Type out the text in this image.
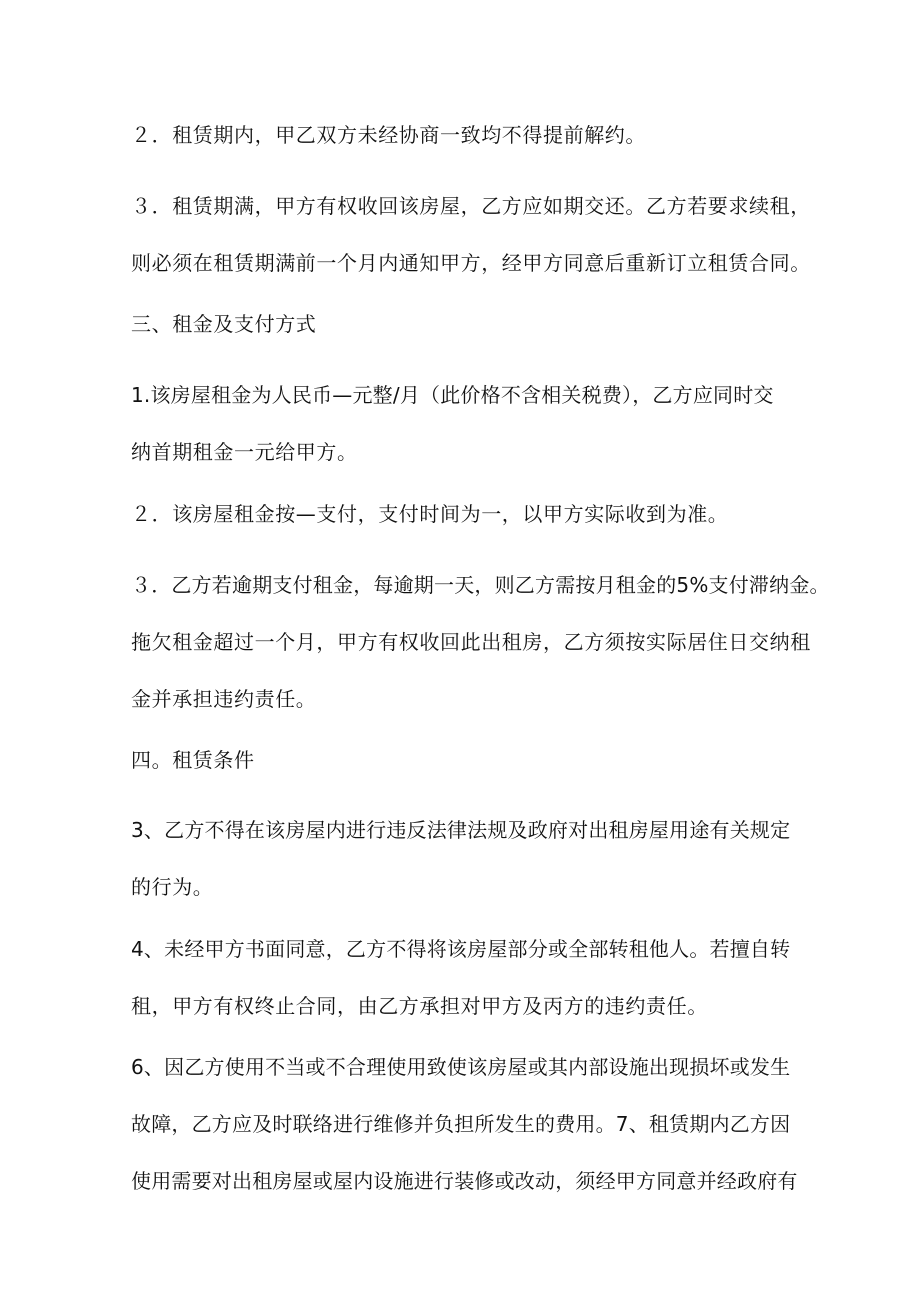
２．租赁期内，甲乙双方未经协商一致均不得提前解约。
３．租赁期满，甲方有权收回该房屋，乙方应如期交还。乙方若要求续租，
则必须在租赁期满前一个月内通知甲方，经甲方同意后重新订立租赁合同。
三、租金及支付方式
1.该房屋租金为人民币—元整/月（此价格不含相关税费），乙方应同时交
纳首期租金一元给甲方。
２．该房屋租金按—支付，支付时间为一，以甲方实际收到为准。
３．乙方若逾期支付租金，每逾期一天，则乙方需按月租金的5%支付滞纳金。
拖欠租金超过一个月，甲方有权收回此出租房，乙方须按实际居住日交纳租
金并承担违约责任。
四。租赁条件
3、乙方不得在该房屋内进行违反法律法规及政府对出租房屋用途有关规定
的行为。
4、未经甲方书面同意，乙方不得将该房屋部分或全部转租他人。若擅自转
租，甲方有权终止合同，由乙方承担对甲方及丙方的违约责任。
6、因乙方使用不当或不合理使用致使该房屋或其内部设施出现损坏或发生
故障，乙方应及时联络进行维修并负担所发生的费用。7、租赁期内乙方因
使用需要对出租房屋或屋内设施进行装修或改动，须经甲方同意并经政府有
